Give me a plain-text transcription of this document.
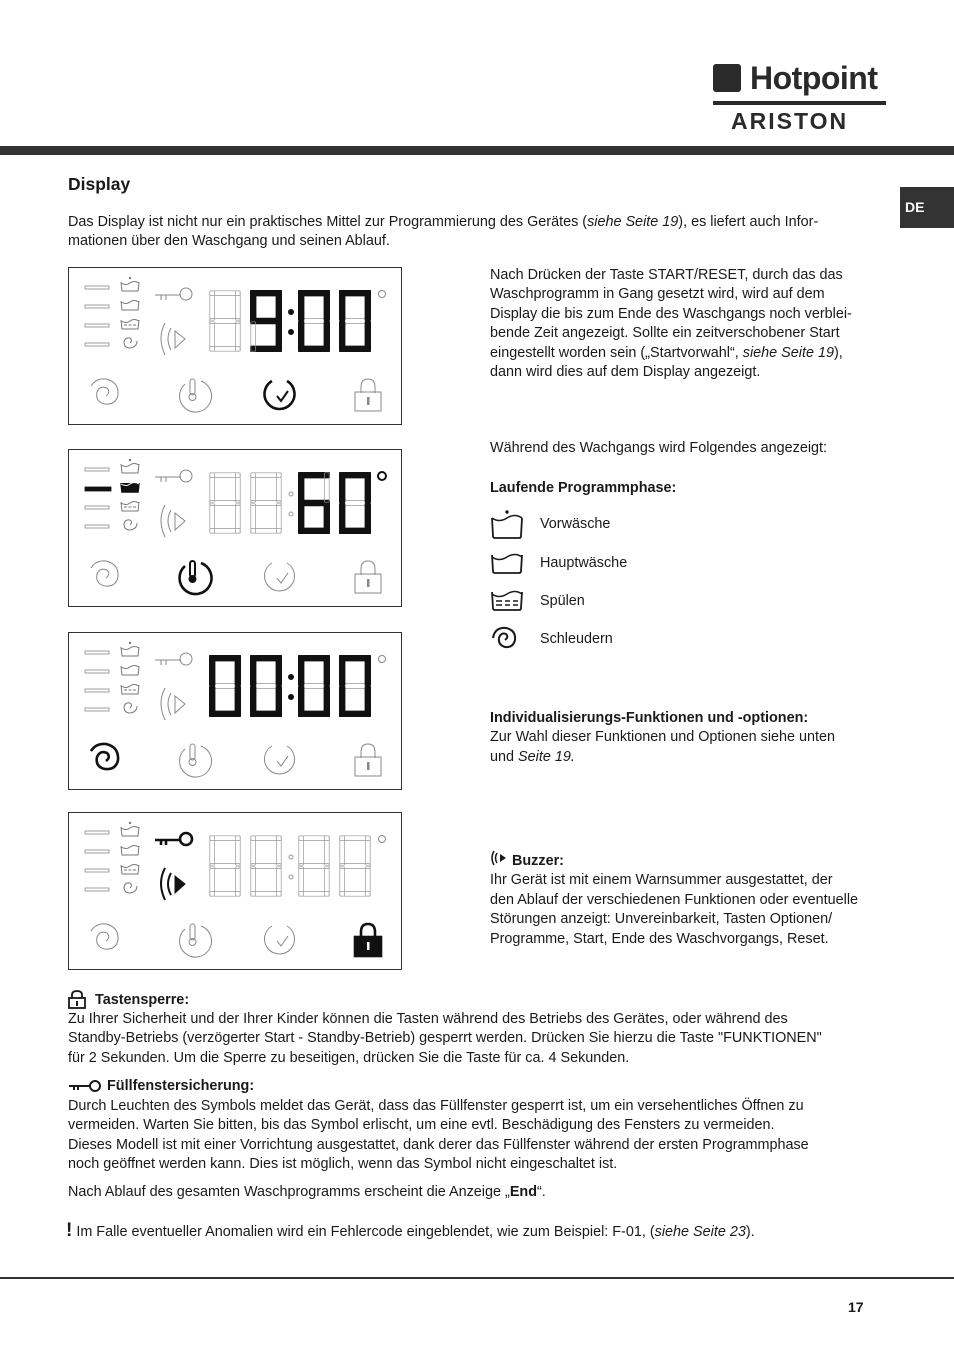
Hotpoint
ARISTON
DE
Display
Das Display ist nicht nur ein praktisches Mittel zur Programmierung des Gerätes (siehe Seite 19), es liefert auch Infor-
mationen über den Waschgang und seinen Ablauf.
Nach Drücken der Taste START/RESET, durch das das
Waschprogramm in Gang gesetzt wird, wird auf dem
Display die bis zum Ende des Waschgangs noch verblei-
bende Zeit angezeigt. Sollte ein zeitverschobener Start
eingestellt worden sein („Startvorwahl“, siehe Seite 19),
dann wird dies auf dem Display angezeigt.
Während des Wachgangs wird Folgendes angezeigt:
Laufende Programmphase:
Vorwäsche
Hauptwäsche
Spülen
Schleudern
Individualisierungs-Funktionen und -optionen:
Zur Wahl dieser Funktionen und Optionen siehe unten
und Seite 19.
Buzzer:
Ihr Gerät ist mit einem Warnsummer ausgestattet, der
den Ablauf der verschiedenen Funktionen oder eventuelle
Störungen anzeigt: Unvereinbarkeit, Tasten Optionen/
Programme, Start, Ende des Waschvorgangs, Reset.
Tastensperre:
Zu Ihrer Sicherheit und der Ihrer Kinder können die Tasten während des Betriebs des Gerätes, oder während des
Standby-Betriebs (verzögerter Start - Standby-Betrieb) gesperrt werden. Drücken Sie hierzu die Taste "FUNKTIONEN"
für 2 Sekunden. Um die Sperre zu beseitigen, drücken Sie die Taste für ca. 4 Sekunden.
Füllfenstersicherung:
Durch Leuchten des Symbols meldet das Gerät, dass das Füllfenster gesperrt ist, um ein versehentliches Öffnen zu
vermeiden. Warten Sie bitten, bis das Symbol erlischt, um eine evtl. Beschädigung des Fensters zu vermeiden.
Dieses Modell ist mit einer Vorrichtung ausgestattet, dank derer das Füllfenster während der ersten Programmphase
noch geöffnet werden kann. Dies ist möglich, wenn das Symbol nicht eingeschaltet ist.
Nach Ablauf des gesamten Waschprogramms erscheint die Anzeige „End“.
! Im Falle eventueller Anomalien wird ein Fehlercode eingeblendet, wie zum Beispiel: F-01, (siehe Seite 23).
17
